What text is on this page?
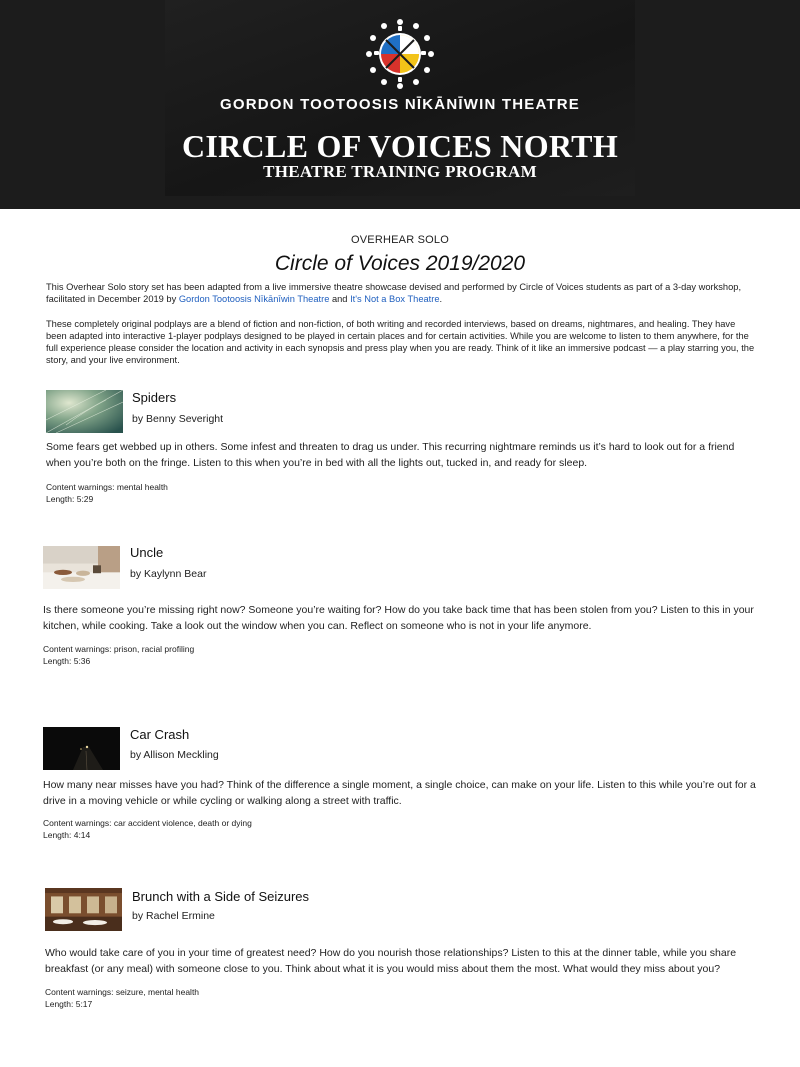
GORDON TOOTOOSIS NĪKĀNĪWIN THEATRE
CIRCLE OF VOICES NORTH
THEATRE TRAINING PROGRAM
OVERHEAR SOLO
Circle of Voices 2019/2020

This Overhear Solo story set has been adapted from a live immersive theatre showcase devised and performed by Circle of Voices students as part of a 3-day workshop, facilitated in December 2019 by Gordon Tootoosis Nīkānīwin Theatre and It's Not a Box Theatre.

These completely original podplays are a blend of fiction and non-fiction, of both writing and recorded interviews, based on dreams, nightmares, and healing. They have been adapted into interactive 1-player podplays designed to be played in certain places and for certain activities. While you are welcome to listen to them anywhere, for the full experience please consider the location and activity in each synopsis and press play when you are ready. Think of it like an immersive podcast — a play starring you, the story, and your live environment.

Spiders
by Benny Severight

Some fears get webbed up in others. Some infest and threaten to drag us under. This recurring nightmare reminds us it’s hard to look out for a friend when you’re both on the fringe. Listen to this when you’re in bed with all the lights out, tucked in, and ready for sleep.

Content warnings: mental health
Length: 5:29
Uncle
by Kaylynn Bear

Is there someone you’re missing right now? Someone you’re waiting for? How do you take back time that has been stolen from you? Listen to this in your kitchen, while cooking. Take a look out the window when you can. Reflect on someone who is not in your life anymore.

Content warnings: prison, racial profiling
Length: 5:36
Car Crash
by Allison Meckling

How many near misses have you had? Think of the difference a single moment, a single choice, can make on your life. Listen to this while you’re out for a drive in a moving vehicle or while cycling or walking along a street with traffic.

Content warnings: car accident violence, death or dying
Length: 4:14
Brunch with a Side of Seizures
by Rachel Ermine

Who would take care of you in your time of greatest need? How do you nourish those relationships? Listen to this at the dinner table, while you share breakfast (or any meal) with someone close to you. Think about what it is you would miss about them the most. What would they miss about you?

Content warnings: seizure, mental health
Length: 5:17
